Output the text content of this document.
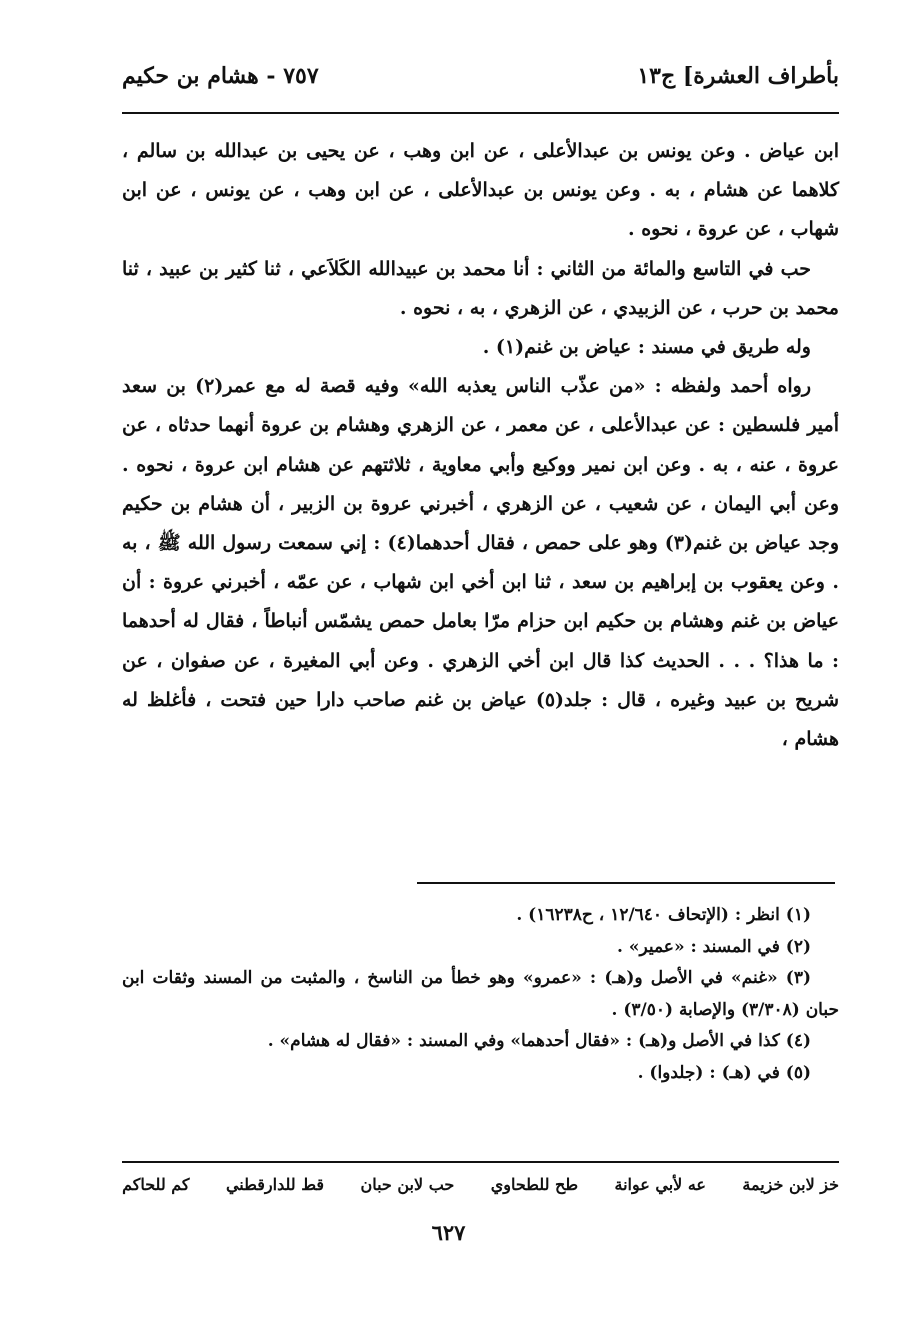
بأطراف العشرة] ج١٣
٧٥٧ - هشام بن حكيم

ابن عياض . وعن يونس بن عبدالأعلى ، عن ابن وهب ، عن يحيى بن عبدالله بن سالم ، كلاهما عن هشام ، به . وعن يونس بن عبدالأعلى ، عن ابن وهب ، عن يونس ، عن ابن شهاب ، عن عروة ، نحوه .

حب في التاسع والمائة من الثاني : أنا محمد بن عبيدالله الكَلاَعي ، ثنا كثير بن عبيد ، ثنا محمد بن حرب ، عن الزبيدي ، عن الزهري ، به ، نحوه .

وله طريق في مسند : عياض بن غنم(١) .

رواه أحمد ولفظه : «من عذّب الناس يعذبه الله» وفيه قصة له مع عمر(٢) بن سعد أمير فلسطين : عن عبدالأعلى ، عن معمر ، عن الزهري وهشام بن عروة أنهما حدثاه ، عن عروة ، عنه ، به . وعن ابن نمير ووكيع وأبي معاوية ، ثلاثتهم عن هشام ابن عروة ، نحوه . وعن أبي اليمان ، عن شعيب ، عن الزهري ، أخبرني عروة بن الزبير ، أن هشام بن حكيم وجد عياض بن غنم(٣) وهو على حمص ، فقال أحدهما(٤) : إني سمعت رسول الله ﷺ ، به . وعن يعقوب بن إبراهيم بن سعد ، ثنا ابن أخي ابن شهاب ، عن عمّه ، أخبرني عروة : أن عياض بن غنم وهشام بن حكيم ابن حزام مرّا بعامل حمص يشمّس أنباطاً ، فقال له أحدهما : ما هذا؟ . . . الحديث كذا قال ابن أخي الزهري . وعن أبي المغيرة ، عن صفوان ، عن شريح بن عبيد وغيره ، قال : جلد(٥) عياض بن غنم صاحب دارا حين فتحت ، فأغلظ له هشام ،

(١) انظر : (الإتحاف ١٢/٦٤٠ ، ح١٦٢٣٨) .

(٢) في المسند : «عمير» .

(٣) «غنم» في الأصل و(هـ) : «عمرو» وهو خطأ من الناسخ ، والمثبت من المسند وثقات ابن حبان (٣/٣٠٨) والإصابة (٣/٥٠) .

(٤) كذا في الأصل و(هـ) : «فقال أحدهما» وفي المسند : «فقال له هشام» .

(٥) في (هـ) : (جلدوا) .

خز لابن خزيمة
عه لأبي عوانة
طح للطحاوي
حب لابن حبان
قط للدارقطني
كم للحاكم
٦٢٧
